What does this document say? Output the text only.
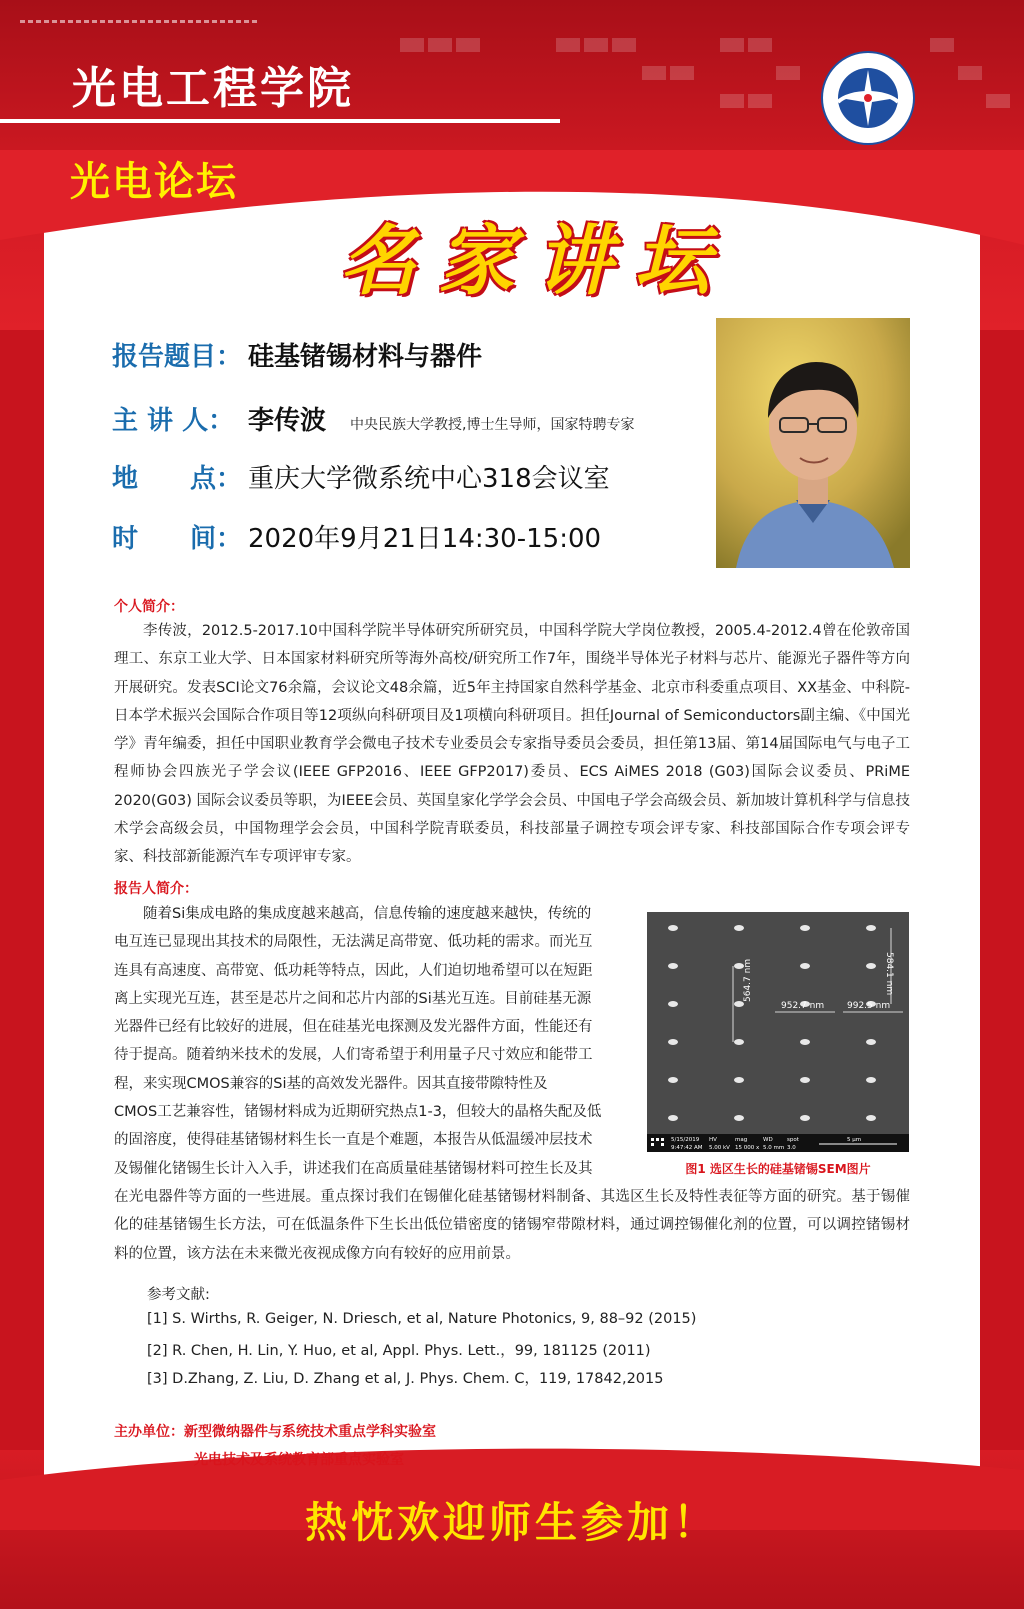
光电工程学院
光电论坛
名家讲坛
报告题目： 硅基锗锡材料与器件
主 讲 人： 李传波 中央民族大学教授,博士生导师，国家特聘专家
地　　点： 重庆大学微系统中心318会议室
时　　间： 2020年9月21日14:30-15:00
个人简介：

李传波，2012.5-2017.10中国科学院半导体研究所研究员，中国科学院大学岗位教授，2005.4-2012.4曾在伦敦帝国理工、东京工业大学、日本国家材料研究所等海外高校/研究所工作7年，围绕半导体光子材料与芯片、能源光子器件等方向开展研究。发表SCI论文76余篇，会议论文48余篇，近5年主持国家自然科学基金、北京市科委重点项目、XX基金、中科院-日本学术振兴会国际合作项目等12项纵向科研项目及1项横向科研项目。担任Journal of Semiconductors副主编、《中国光学》青年编委，担任中国职业教育学会微电子技术专业委员会专家指导委员会委员，担任第13届、第14届国际电气与电子工程师协会四族光子学会议(IEEE GFP2016、IEEE GFP2017)委员、ECS AiMES 2018 (G03)国际会议委员、PRiME 2020(G03) 国际会议委员等职，为IEEE会员、英国皇家化学学会会员、中国电子学会高级会员、新加坡计算机科学与信息技术学会高级会员，中国物理学会会员，中国科学院青联委员，科技部量子调控专项会评专家、科技部国际合作专项会评专家、科技部新能源汽车专项评审专家。

报告人简介：
随着Si集成电路的集成度越来越高，信息传输的速度越来越快，传统的
电互连已显现出其技术的局限性，无法满足高带宽、低功耗的需求。而光互
连具有高速度、高带宽、低功耗等特点，因此，人们迫切地希望可以在短距
离上实现光互连，甚至是芯片之间和芯片内部的Si基光互连。目前硅基无源
光器件已经有比较好的进展，但在硅基光电探测及发光器件方面，性能还有
待于提高。随着纳米技术的发展，人们寄希望于利用量子尺寸效应和能带工
程，来实现CMOS兼容的Si基的高效发光器件。因其直接带隙特性及
CMOS工艺兼容性，锗锡材料成为近期研究热点1-3，但较大的晶格失配及低
的固溶度，使得硅基锗锡材料生长一直是个难题，本报告从低温缓冲层技术
及锡催化锗锡生长计入入手，讲述我们在高质量硅基锗锡材料可控生长及其

在光电器件等方面的一些进展。重点探讨我们在锡催化硅基锗锡材料制备、其选区生长及特性表征等方面的研究。基于锡催化的硅基锗锡生长方法，可在低温条件下生长出低位错密度的锗锡窄带隙材料，通过调控锡催化剂的位置，可以调控锗锡材料的位置，该方法在未来微光夜视成像方向有较好的应用前景。

564.7 nm
952.7 nm	992.5 nm
584.1 nm
5/15/2019
9:47:42 AM
HV
5.00 kV
mag
15 000 x
WD
5.0 mm
spot
3.0
5 μm
图1 选区生长的硅基锗锡SEM图片
参考文献:
[1] S. Wirths, R. Geiger, N. Driesch, et al, Nature Photonics, 9, 88–92 (2015)
[2] R. Chen, H. Lin, Y. Huo, et al, Appl. Phys. Lett.，99, 181125 (2011)
[3] D.Zhang, Z. Liu, D. Zhang et al, J. Phys. Chem. C，119, 17842,2015
主办单位：新型微纳器件与系统技术重点学科实验室
光电技术及系统教育部重点实验室
热忱欢迎师生参加！
